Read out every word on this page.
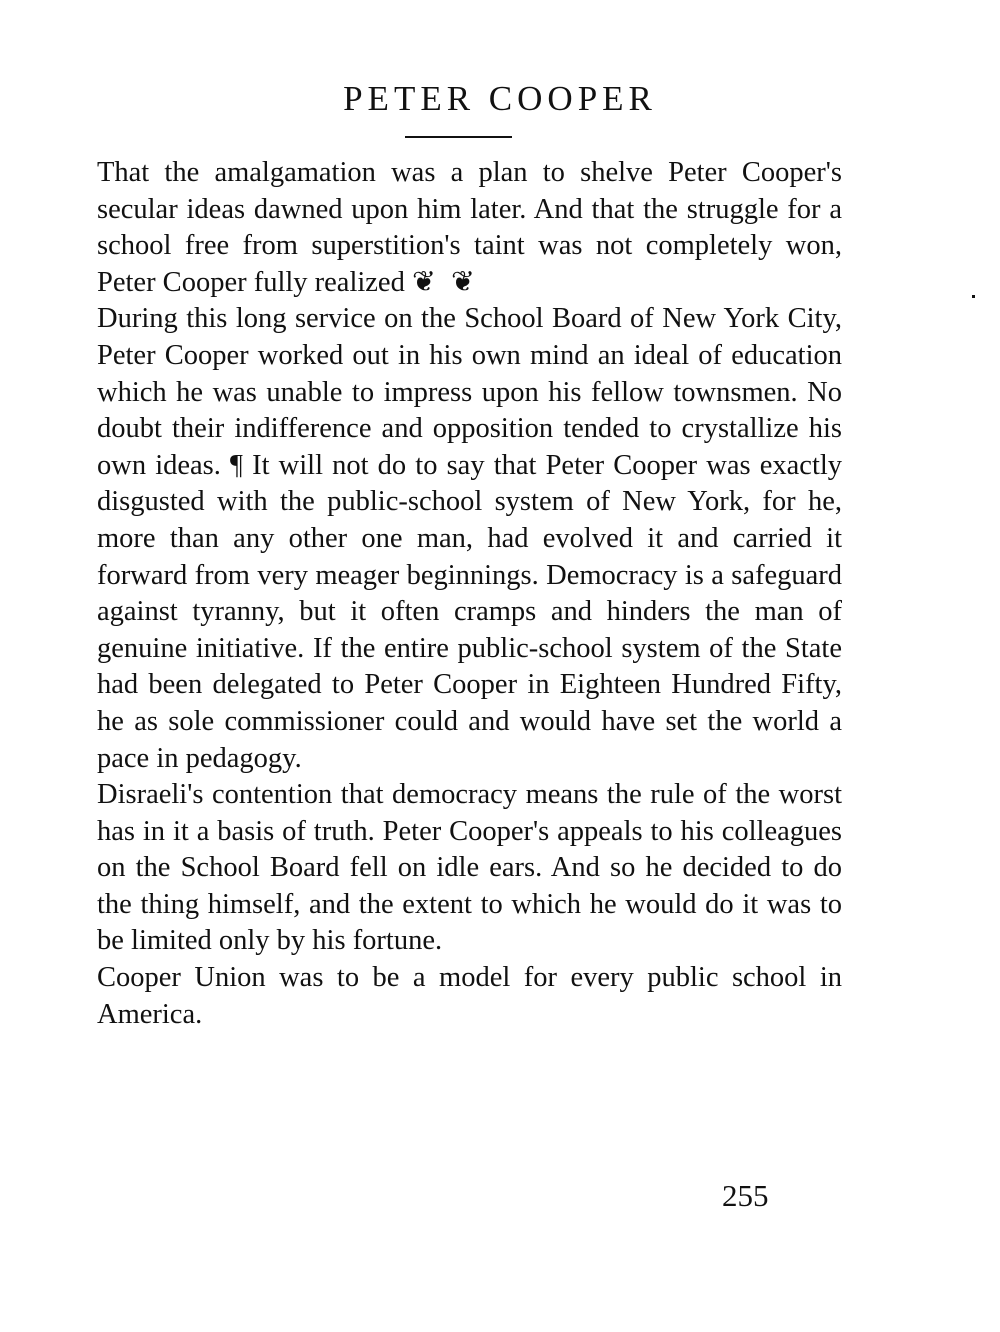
PETER COOPER

That the amalgamation was a plan to shelve Peter Cooper's secular ideas dawned upon him later. And that the struggle for a school free from superstition's taint was not completely won, Peter Cooper fully realized ❦ ❦

During this long service on the School Board of New York City, Peter Cooper worked out in his own mind an ideal of education which he was unable to impress upon his fellow townsmen. No doubt their indifference and opposition tended to crystallize his own ideas. ¶ It will not do to say that Peter Cooper was exactly disgusted with the public-school system of New York, for he, more than any other one man, had evolved it and carried it forward from very meager beginnings. Democracy is a safeguard against tyranny, but it often cramps and hinders the man of genuine initiative. If the entire public-school system of the State had been delegated to Peter Cooper in Eighteen Hundred Fifty, he as sole commissioner could and would have set the world a pace in pedagogy.

Disraeli's contention that democracy means the rule of the worst has in it a basis of truth. Peter Cooper's appeals to his colleagues on the School Board fell on idle ears. And so he decided to do the thing himself, and the extent to which he would do it was to be limited only by his fortune.

Cooper Union was to be a model for every public school in America.

255
